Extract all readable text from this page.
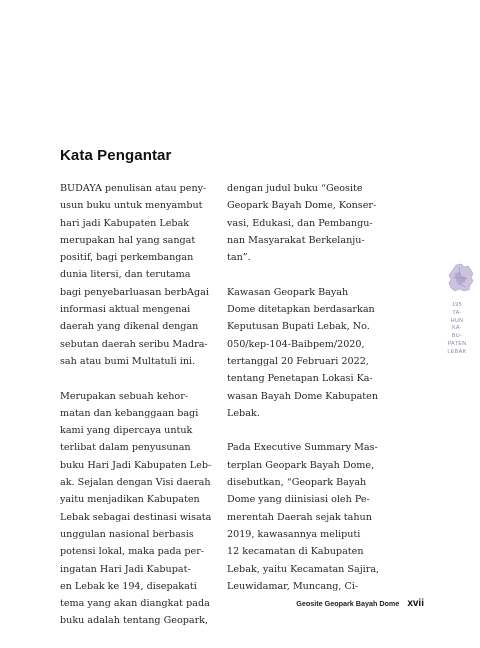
Kata Pengantar

BUDAYA penulisan atau peny-
usun buku untuk menyambut
hari jadi Kabupaten Lebak
merupakan hal yang sangat
positif, bagi perkembangan
dunia litersi, dan terutama
bagi penyebarluasan berbAgai
informasi aktual mengenai
daerah yang dikenal dengan
sebutan daerah seribu Madra-
sah atau bumi Multatuli ini.

Merupakan sebuah kehor-
matan dan kebanggaan bagi
kami yang dipercaya untuk
terlibat dalam penyusunan
buku Hari Jadi Kabupaten Leb-
ak. Sejalan dengan Visi daerah
yaitu menjadikan Kabupaten
Lebak sebagai destinasi wisata
unggulan nasional berbasis
potensi lokal, maka pada per-
ingatan Hari Jadi Kabupat-
en Lebak ke 194, disepakati
tema yang akan diangkat pada
buku adalah tentang Geopark,

dengan judul buku “Geosite
Geopark Bayah Dome, Konser-
vasi, Edukasi, dan Pembangu-
nan Masyarakat Berkelanju-
tan”.

Kawasan Geopark Bayah
Dome ditetapkan berdasarkan
Keputusan Bupati Lebak, No.
050/kep-104-Baibpem/2020,
tertanggal 20 Februari 2022,
tentang Penetapan Lokasi Ka-
wasan Bayah Dome Kabupaten
Lebak.

Pada Executive Summary Mas-
terplan Geopark Bayah Dome,
disebutkan, “Geopark Bayah
Dome yang diinisiasi oleh Pe-
merentah Daerah sejak tahun
2019, kawasannya meliputi
12 kecamatan di Kabupaten
Lebak, yaitu Kecamatan Sajira,
Leuwidamar, Muncang, Ci-

195
TA-
HUN
KA-
BU-
PATEN
LEBAK
Geosite Geopark Bayah Dome xvii
